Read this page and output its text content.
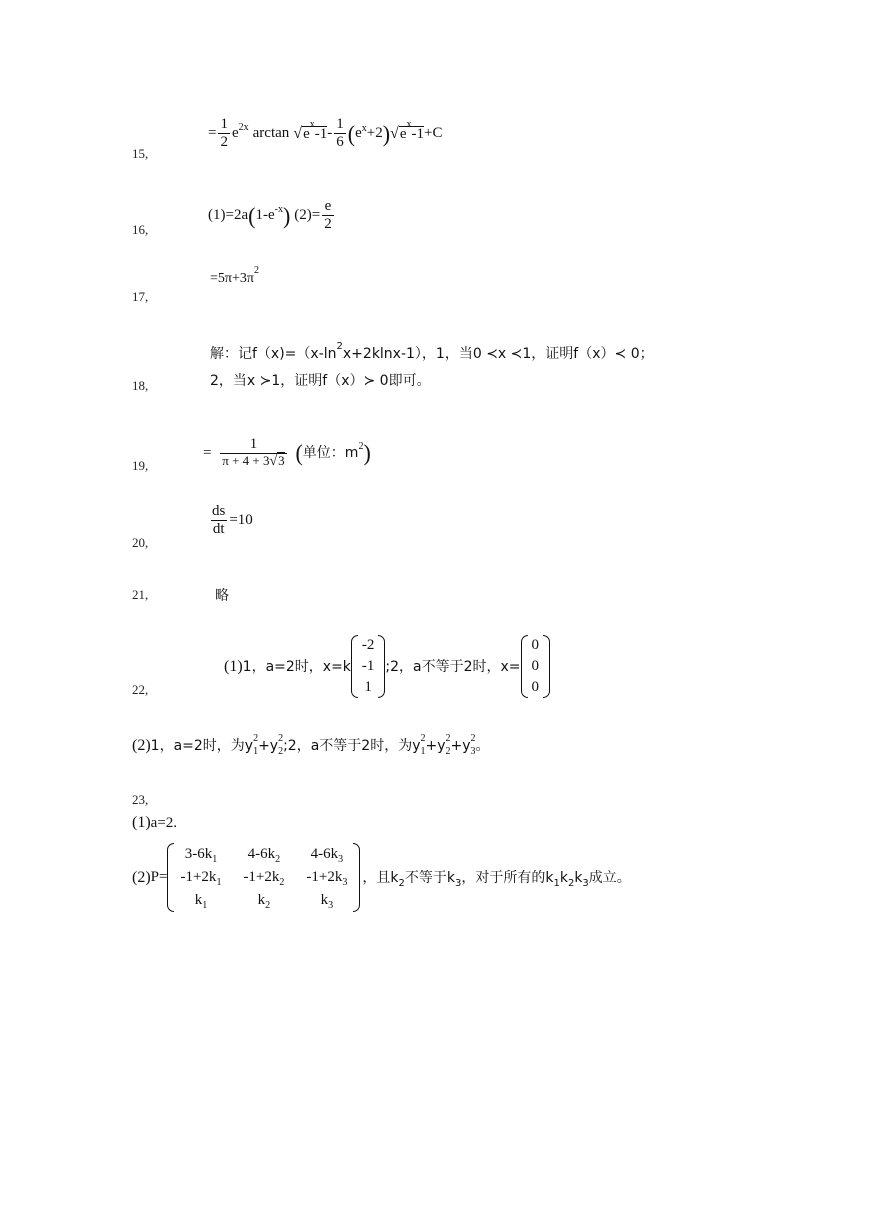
15,
= $\frac{1}{2} e^{2x}$ arctan √ $e^x-1 - \frac{1}{6}$ ( $e^x +2$ ) √ $e^x-1 +C$
16,
(1) =2a ( $1-e^{-x}$ ) $(2) = \frac{e}{2}$
17,
$=5\pi+3\pi^2$
18,
解：记$f(x)=(x-\ln^2x+2klnx-1)$，1，当0 ≺x ≺1，证明f（x）≺ 0；
2，当x ≻1，证明f（x）≻ 0即可。
19,
= $\frac{1}{\pi + 4 + 3√3}$ ( 单位：$m^2$ )
20,
$\frac{ds}{dt} =10$
21,	略
22,
(1) 1，a=2时，x=k
-2
-1
1
;2，a不等于2时，x=
0
0
0
(2)1，a=2时，为$y_1^2+y_2^2;2$，a不等于2时，为$y_1^2+y_2^2+y_3^2$。
23,
(1)a=2.
(2) P=
$3-6k_1$ $4-6k_2$ $4-6k_3$
$-1+2k_1$ $-1+2k_2$ $-1+2k_3$
$k_1$	$k_2$	$k_3$
，且$k_2$不等于$k_3$，对于所有的$k_1k_2k_3$成立。
